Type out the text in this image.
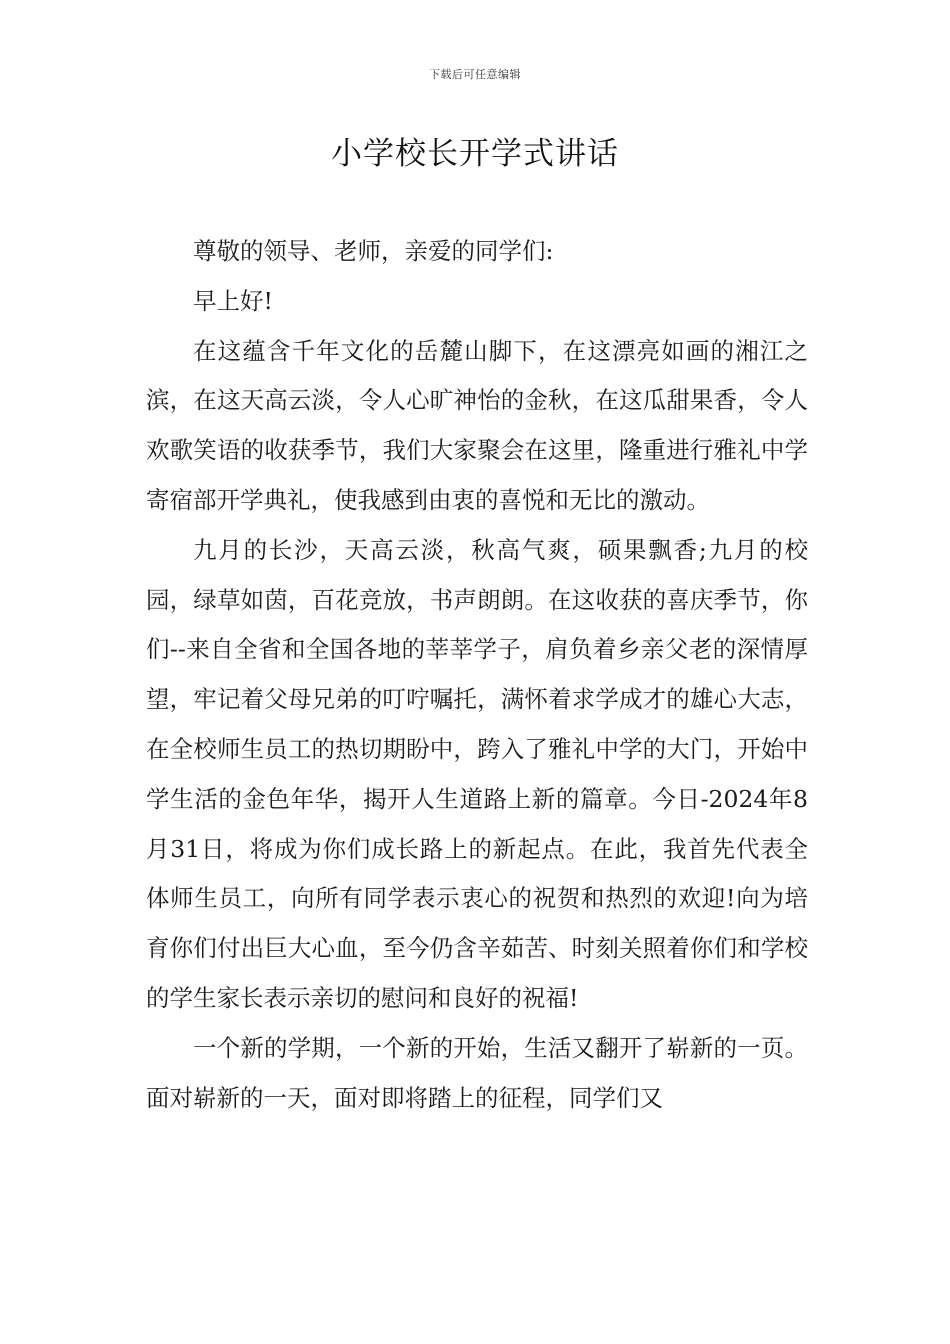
下载后可任意编辑
小学校长开学式讲话

尊敬的领导、老师，亲爱的同学们:

早上好!

在这蕴含千年文化的岳麓山脚下，在这漂亮如画的湘江之滨，在这天高云淡，令人心旷神怡的金秋，在这瓜甜果香，令人欢歌笑语的收获季节，我们大家聚会在这里，隆重进行雅礼中学寄宿部开学典礼，使我感到由衷的喜悦和无比的激动。

九月的长沙，天高云淡，秋高气爽，硕果飘香;九月的校园，绿草如茵，百花竞放，书声朗朗。在这收获的喜庆季节，你们--来自全省和全国各地的莘莘学子，肩负着乡亲父老的深情厚望，牢记着父母兄弟的叮咛嘱托，满怀着求学成才的雄心大志，在全校师生员工的热切期盼中，跨入了雅礼中学的大门，开始中学生活的金色年华，揭开人生道路上新的篇章。今日-2024年8月31日，将成为你们成长路上的新起点。在此，我首先代表全体师生员工，向所有同学表示衷心的祝贺和热烈的欢迎!向为培育你们付出巨大心血，至今仍含辛茹苦、时刻关照着你们和学校的学生家长表示亲切的慰问和良好的祝福!

一个新的学期，一个新的开始，生活又翻开了崭新的一页。面对崭新的一天，面对即将踏上的征程，同学们又
